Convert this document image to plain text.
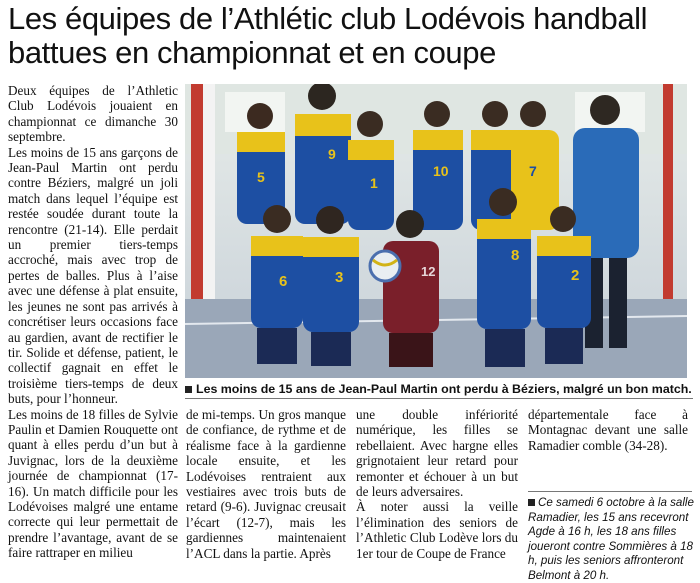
Les équipes de l’Athlétic club Lodévois handball battues en championnat et en coupe

Deux équipes de l’Athletic Club Lodévois jouaient en championnat ce dimanche 30 septembre.

Les moins de 15 ans garçons de Jean-Paul Martin ont perdu contre Béziers, malgré un joli match dans lequel l’équipe est restée soudée durant toute la rencontre (21-14). Elle perdait un premier tiers-temps accroché, mais avec trop de pertes de balles. Plus à l’aise avec une défense à plat ensuite, les jeunes ne sont pas arrivés à concrétiser leurs occasions face au gardien, avant de rectifier le tir. Solide et défense, patient, le collectif gagnait en effet le troisième tiers-temps de deux buts, pour l’honneur.

Les moins de 18 filles de Sylvie Paulin et Damien Rouquette ont quant à elles perdu d’un but à Juvignac, lors de la deuxième journée de championnat (17-16). Un match difficile pour les Lodévoises malgré une entame correcte qui leur permettait de prendre l’avantage, avant de se faire rattraper en milieu

5
9
1
10	7
6	3	12
8
2
Les moins de 15 ans de Jean-Paul Martin ont perdu à Béziers, malgré un bon match.

de mi-temps. Un gros manque de confiance, de rythme et de réalisme face à la gardienne locale ensuite, et les Lodévoises rentraient aux vestiaires avec trois buts de retard (9-6). Juvignac creusait l’écart (12-7), mais les gardiennes maintenaient l’ACL dans la partie. Après

une double infériorité numérique, les filles se rebellaient. Avec hargne elles grignotaient leur retard pour remonter et échouer à un but de leurs adversaires.

À noter aussi la veille l’élimination des seniors de l’Athletic Club Lodève lors du 1er tour de Coupe de France

départementale face à Montagnac devant une salle Ramadier comble (34-28).

Ce samedi 6 octobre à la salle Ramadier, les 15 ans recevront Agde à 16 h, les 18 ans filles joueront contre Sommières à 18 h, puis les seniors affronteront Belmont à 20 h.
